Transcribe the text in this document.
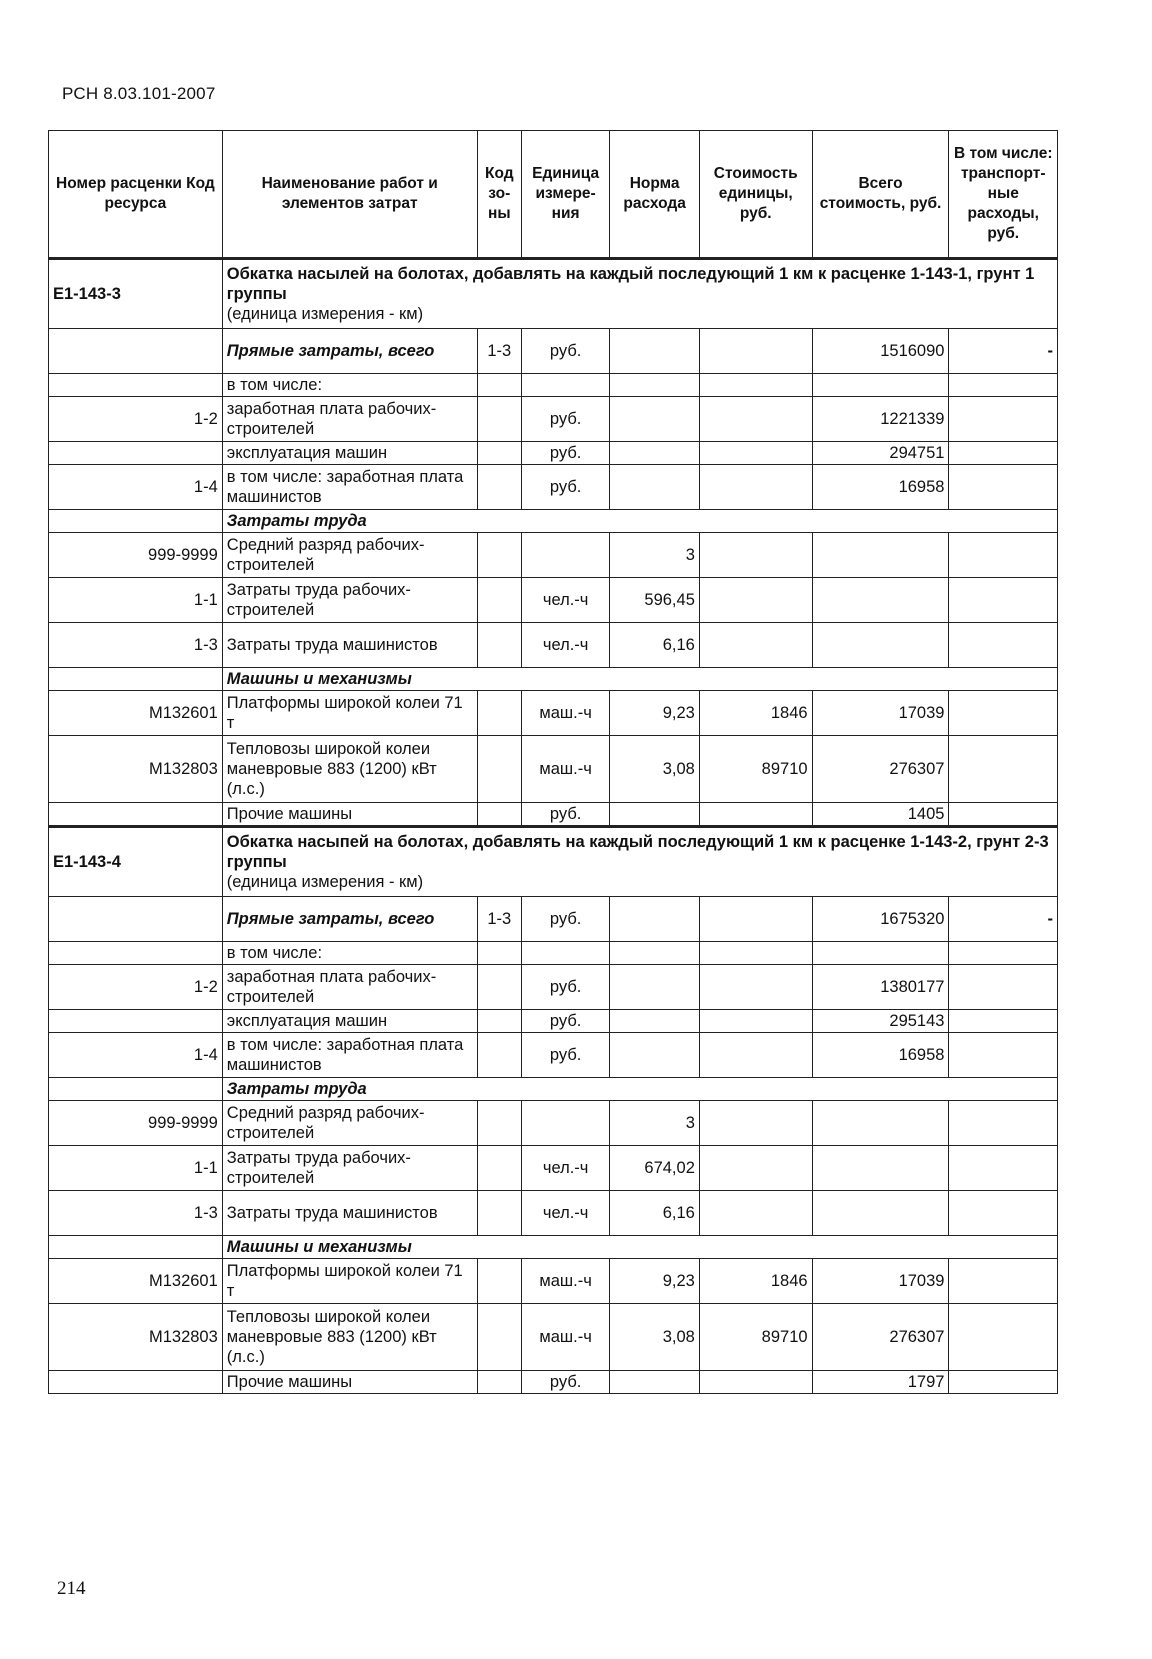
РСН 8.03.101-2007
Номер расценки Код ресурса	Наименование работ и элементов затрат	Код зо- ны	Единица измере- ния	Норма расхода	Стоимость единицы, руб.	Всего стоимость, руб.	В том числе: транспорт- ные расходы, руб.
Е1-143-3	Обкатка насылей на болотах, добавлять на каждый последующий 1 км к расценке 1-143-1, грунт 1 группы
(единица измерения - км)						

	Прямые затраты, всего	1-3	руб.			1516090	-
	в том числе:						
1-2	заработная плата рабочих-строителей		руб.			1221339	
	эксплуатация машин		руб.			294751	
1-4	в том числе: заработная плата машинистов		руб.			16958	
	Затраты труда						
999-9999	Средний разряд рабочих-строителей			3			
1-1	Затраты труда рабочих-строителей		чел.-ч	596,45			
1-3	Затраты труда машинистов		чел.-ч	6,16			
	Машины и механизмы						
М132601	Платформы широкой колеи 71 т		маш.-ч	9,23	1846	17039	
М132803	Тепловозы широкой колеи маневровые 883 (1200) кВт (л.с.)		маш.-ч	3,08	89710	276307	
	Прочие машины		руб.			1405	
Е1-143-4	Обкатка насыпей на болотах, добавлять на каждый последующий 1 км к расценке 1-143-2, грунт 2-3 группы
(единица измерения - км)						

	Прямые затраты, всего	1-3	руб.			1675320	-
	в том числе:						
1-2	заработная плата рабочих-строителей		руб.			1380177	
	эксплуатация машин		руб.			295143	
1-4	в том числе: заработная плата машинистов		руб.			16958	
	Затраты труда						
999-9999	Средний разряд рабочих-строителей			3			
1-1	Затраты труда рабочих-строителей		чел.-ч	674,02			
1-3	Затраты труда машинистов		чел.-ч	6,16			
	Машины и механизмы						
М132601	Платформы широкой колеи 71 т		маш.-ч	9,23	1846	17039	
М132803	Тепловозы широкой колеи маневровые 883 (1200) кВт (л.с.)		маш.-ч	3,08	89710	276307	
	Прочие машины		руб.			1797	
214
